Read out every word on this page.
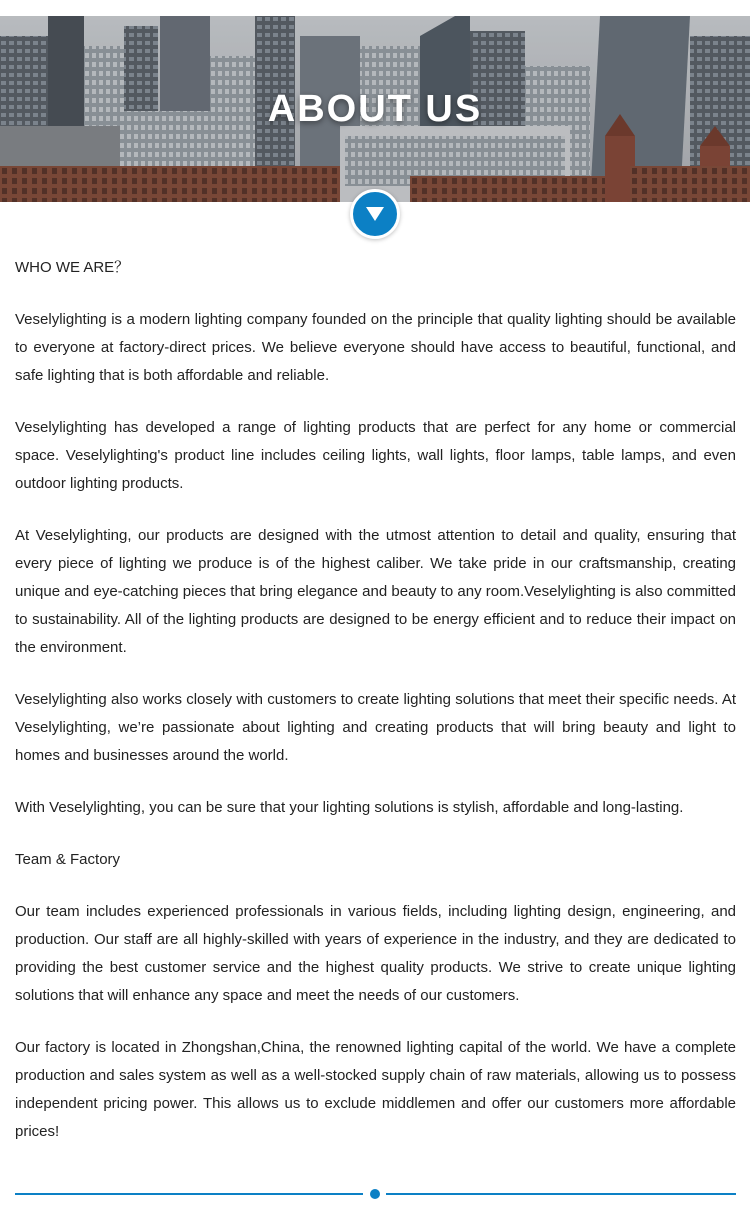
ABOUT US

WHO WE ARE？

Veselylighting is a modern lighting company founded on the principle that quality lighting should be available to everyone at factory-direct prices. We believe everyone should have access to beautiful, functional, and safe lighting that is both affordable and reliable.

Veselylighting has developed a range of lighting products that are perfect for any home or commercial space. Veselylighting's product line includes ceiling lights, wall lights, floor lamps, table lamps, and even outdoor lighting products.

At Veselylighting, our products are designed with the utmost attention to detail and quality, ensuring that every piece of lighting we produce is of the highest caliber. We take pride in our craftsmanship, creating unique and eye-catching pieces that bring elegance and beauty to any room.Veselylighting is also committed to sustainability. All of the lighting products are designed to be energy efficient and to reduce their impact on the environment.

Veselylighting also works closely with customers to create lighting solutions that meet their specific needs. At Veselylighting, we’re passionate about lighting and creating products that will bring beauty and light to homes and businesses around the world.

With Veselylighting, you can be sure that your lighting solutions is stylish, affordable and long-lasting.

Team & Factory

Our team includes experienced professionals in various fields, including lighting design, engineering, and production. Our staff are all highly-skilled with years of experience in the industry, and they are dedicated to providing the best customer service and the highest quality products. We strive to create unique lighting solutions that will enhance any space and meet the needs of our customers.

Our factory is located in Zhongshan,China, the renowned lighting capital of the world. We have a complete production and sales system as well as a well-stocked supply chain of raw materials, allowing us to possess independent pricing power. This allows us to exclude middlemen and offer our customers more affordable prices!
